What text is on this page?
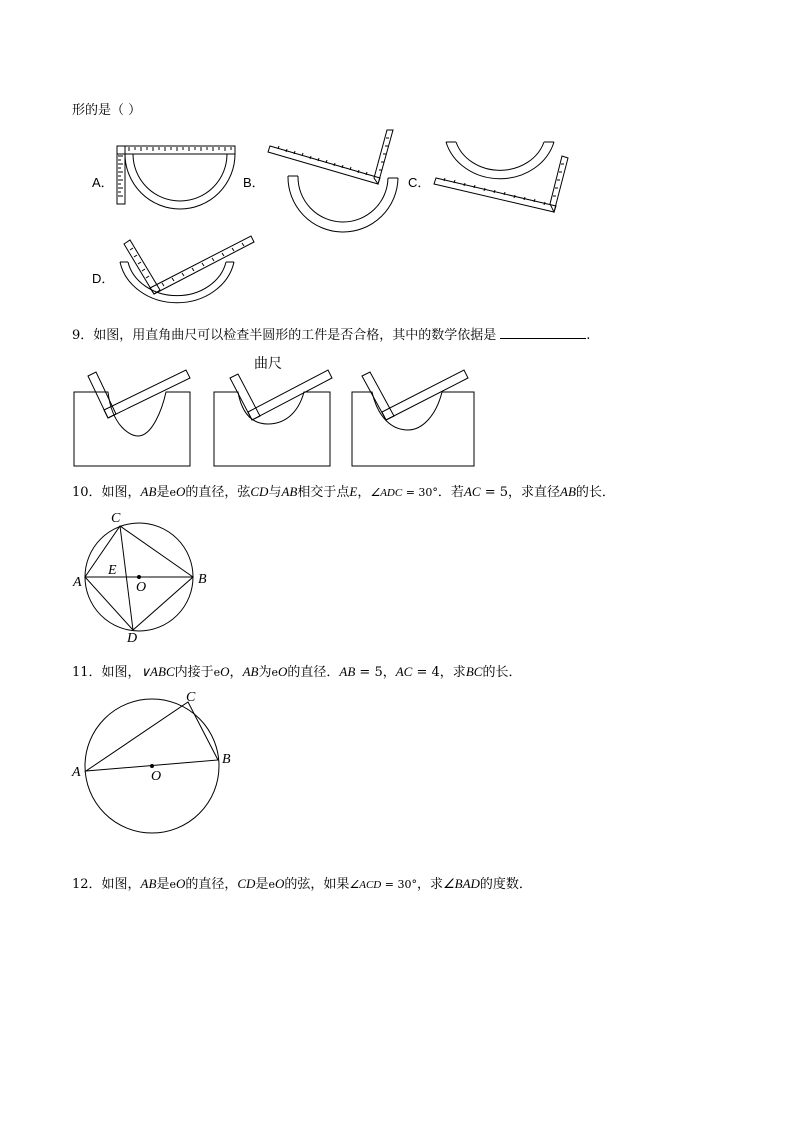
形的是（ ）
A．	B．	C．
D．
9．如图，用直角曲尺可以检查半圆形的工件是否合格，其中的数学依据是	.
曲尺
10．如图，AB是eO的直径，弦CD与AB相交于点E，∠ADC = 30°．若AC = 5，求直径AB的长．
C
A
E
O
B
D
11．如图，∨ABC内接于eO，AB为eO的直径．AB = 5，AC = 4，求BC的长．
C
A	O
B
12．如图，AB是eO的直径，CD是eO的弦，如果∠ACD = 30°，求∠BAD的度数．
